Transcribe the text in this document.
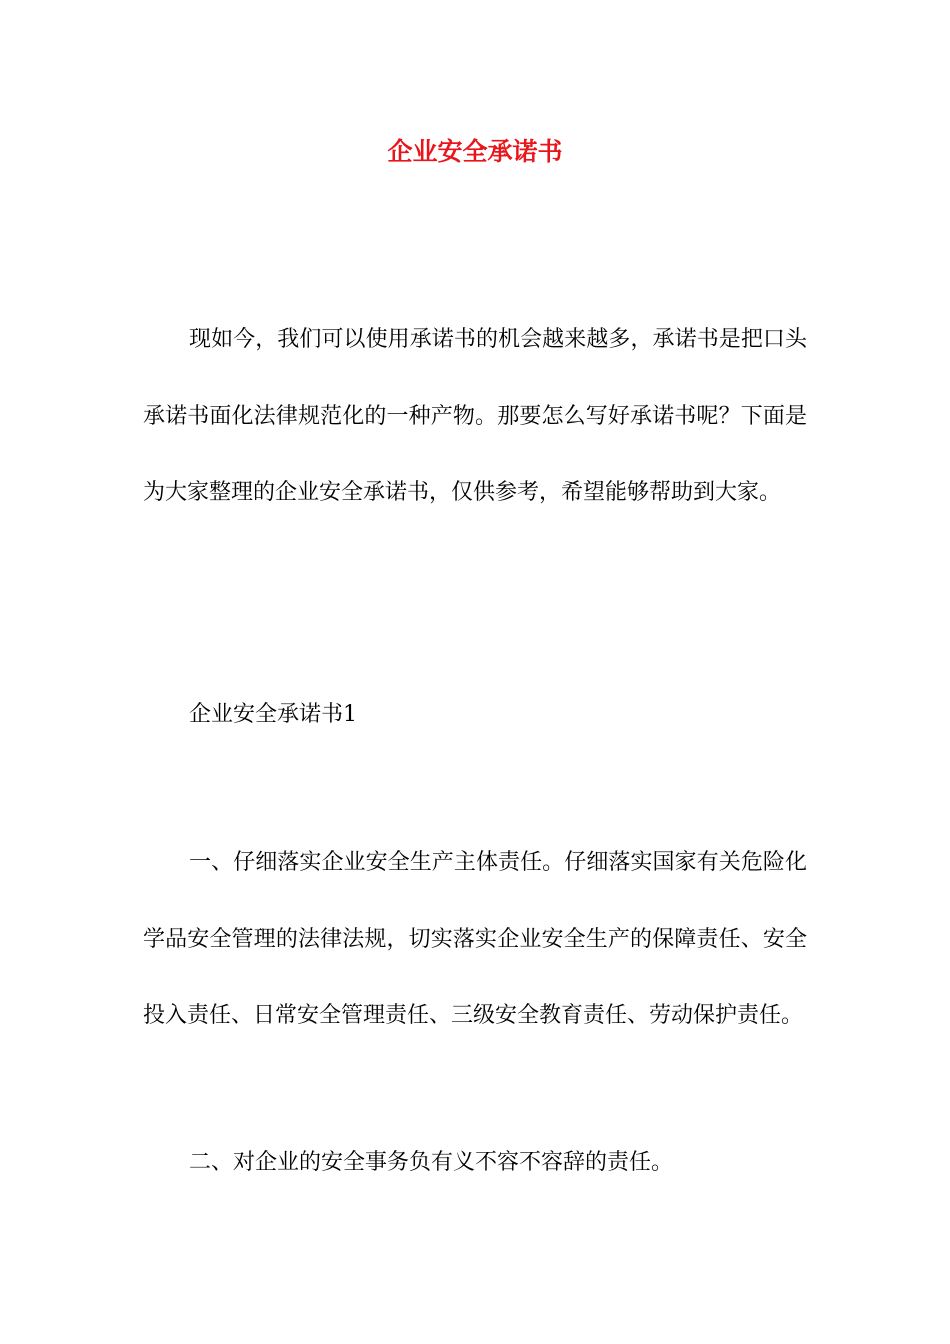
企业安全承诺书

现如今，我们可以使用承诺书的机会越来越多，承诺书是把口头承诺书面化法律规范化的一种产物。那要怎么写好承诺书呢？下面是为大家整理的企业安全承诺书，仅供参考，希望能够帮助到大家。

企业安全承诺书1

一、仔细落实企业安全生产主体责任。仔细落实国家有关危险化学品安全管理的法律法规，切实落实企业安全生产的保障责任、安全投入责任、日常安全管理责任、三级安全教育责任、劳动保护责任。

二、对企业的安全事务负有义不容不容辞的责任。
